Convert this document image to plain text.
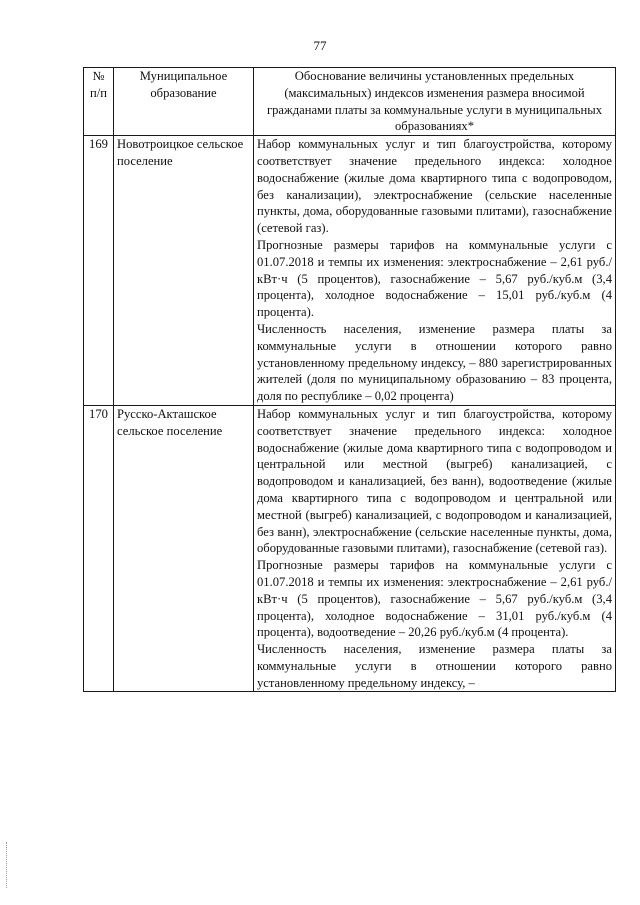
77
№ п/п	Муниципальное образование	Обоснование величины установленных предельных (максимальных) индексов изменения размера вносимой гражданами платы за коммунальные услуги в муниципальных образованиях*
169	Новотроицкое сельское поселение	Набор коммунальных услуг и тип благоустройства, которому соответствует значение предельного индекса: холодное водоснабжение (жилые дома квартирного типа с водопроводом, без канализации), электроснабжение (сельские населенные пункты, дома, оборудованные газовыми плитами), газоснабжение (сетевой газ).

Прогнозные размеры тарифов на коммунальные услуги с 01.07.2018 и темпы их изменения: электроснабжение – 2,61 руб./кВт·ч (5 процентов), газоснабжение – 5,67 руб./куб.м (3,4 процента), холодное водоснабжение – 15,01 руб./куб.м (4 процента).

Численность населения, изменение размера платы за коммунальные услуги в отношении которого равно установленному предельному индексу, – 880 зарегистрированных жителей (доля по муниципальному образованию – 83 процента, доля по республике – 0,02 процента)

170	Русско-Акташское сельское поселение	Набор коммунальных услуг и тип благоустройства, которому соответствует значение предельного индекса: холодное водоснабжение (жилые дома квартирного типа с водопроводом и центральной или местной (выгреб) канализацией, с водопроводом и канализацией, без ванн), водоотведение (жилые дома квартирного типа с водопроводом и центральной или местной (выгреб) канализацией, с водопроводом и канализацией, без ванн), электроснабжение (сельские населенные пункты, дома, оборудованные газовыми плитами), газоснабжение (сетевой газ).

Прогнозные размеры тарифов на коммунальные услуги с 01.07.2018 и темпы их изменения: электроснабжение – 2,61 руб./кВт·ч (5 процентов), газоснабжение – 5,67 руб./куб.м (3,4 процента), холодное водоснабжение – 31,01 руб./куб.м (4 процента), водоотведение – 20,26 руб./куб.м (4 процента).

Численность населения, изменение размера платы за коммунальные услуги в отношении которого равно установленному предельному индексу, –
